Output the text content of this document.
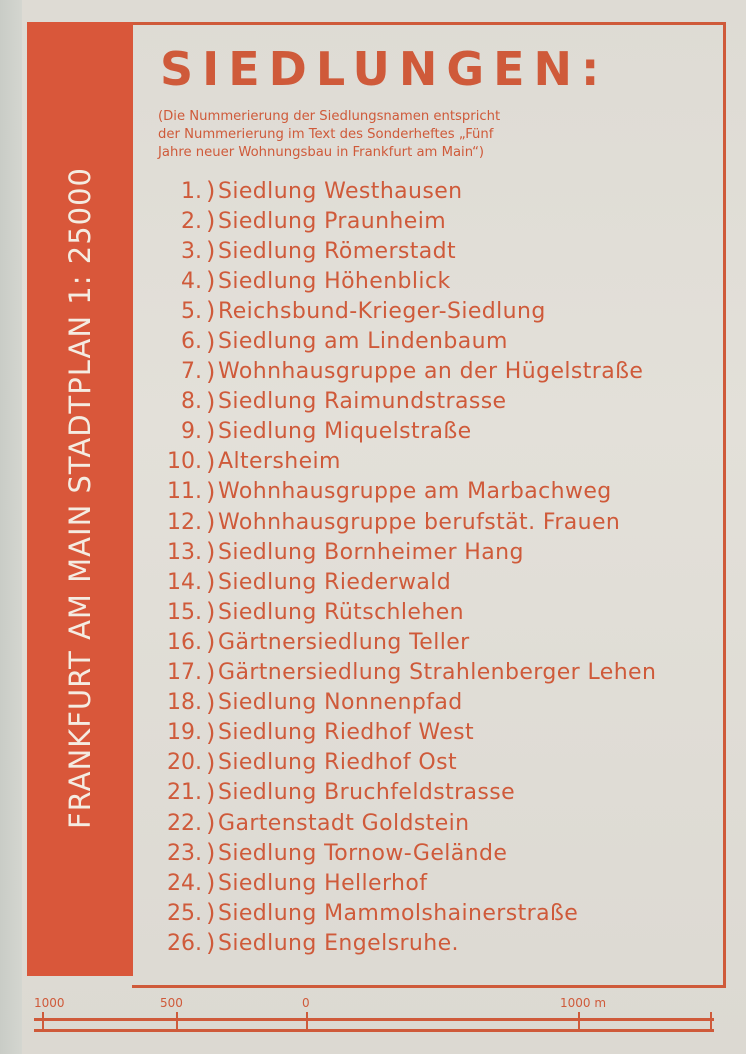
FRANKFURT AM MAIN STADTPLAN 1: 25000
SIEDLUNGEN:
(Die Nummerierung der Siedlungsnamen entspricht
der Nummerierung im Text des Sonderheftes „Fünf
Jahre neuer Wohnungsbau in Frankfurt am Main“)
1. ) Siedlung Westhausen
2. ) Siedlung Praunheim
3. ) Siedlung Römerstadt
4. ) Siedlung Höhenblick
5. ) Reichsbund-Krieger-Siedlung
6. ) Siedlung am Lindenbaum
7. ) Wohnhausgruppe an der Hügelstraße
8. ) Siedlung Raimundstrasse
9. ) Siedlung Miquelstraße
10. ) Altersheim
11. ) Wohnhausgruppe am Marbachweg
12. ) Wohnhausgruppe berufstät. Frauen
13. ) Siedlung Bornheimer Hang
14. ) Siedlung Riederwald
15. ) Siedlung Rütschlehen
16. ) Gärtnersiedlung Teller
17. ) Gärtnersiedlung Strahlenberger Lehen
18. ) Siedlung Nonnenpfad
19. ) Siedlung Riedhof West
20. ) Siedlung Riedhof Ost
21. ) Siedlung Bruchfeldstrasse
22. ) Gartenstadt Goldstein
23. ) Siedlung Tornow-Gelände
24. ) Siedlung Hellerhof
25. ) Siedlung Mammolshainerstraße
26. ) Siedlung Engelsruhe.
1000	500	0	1000 m
